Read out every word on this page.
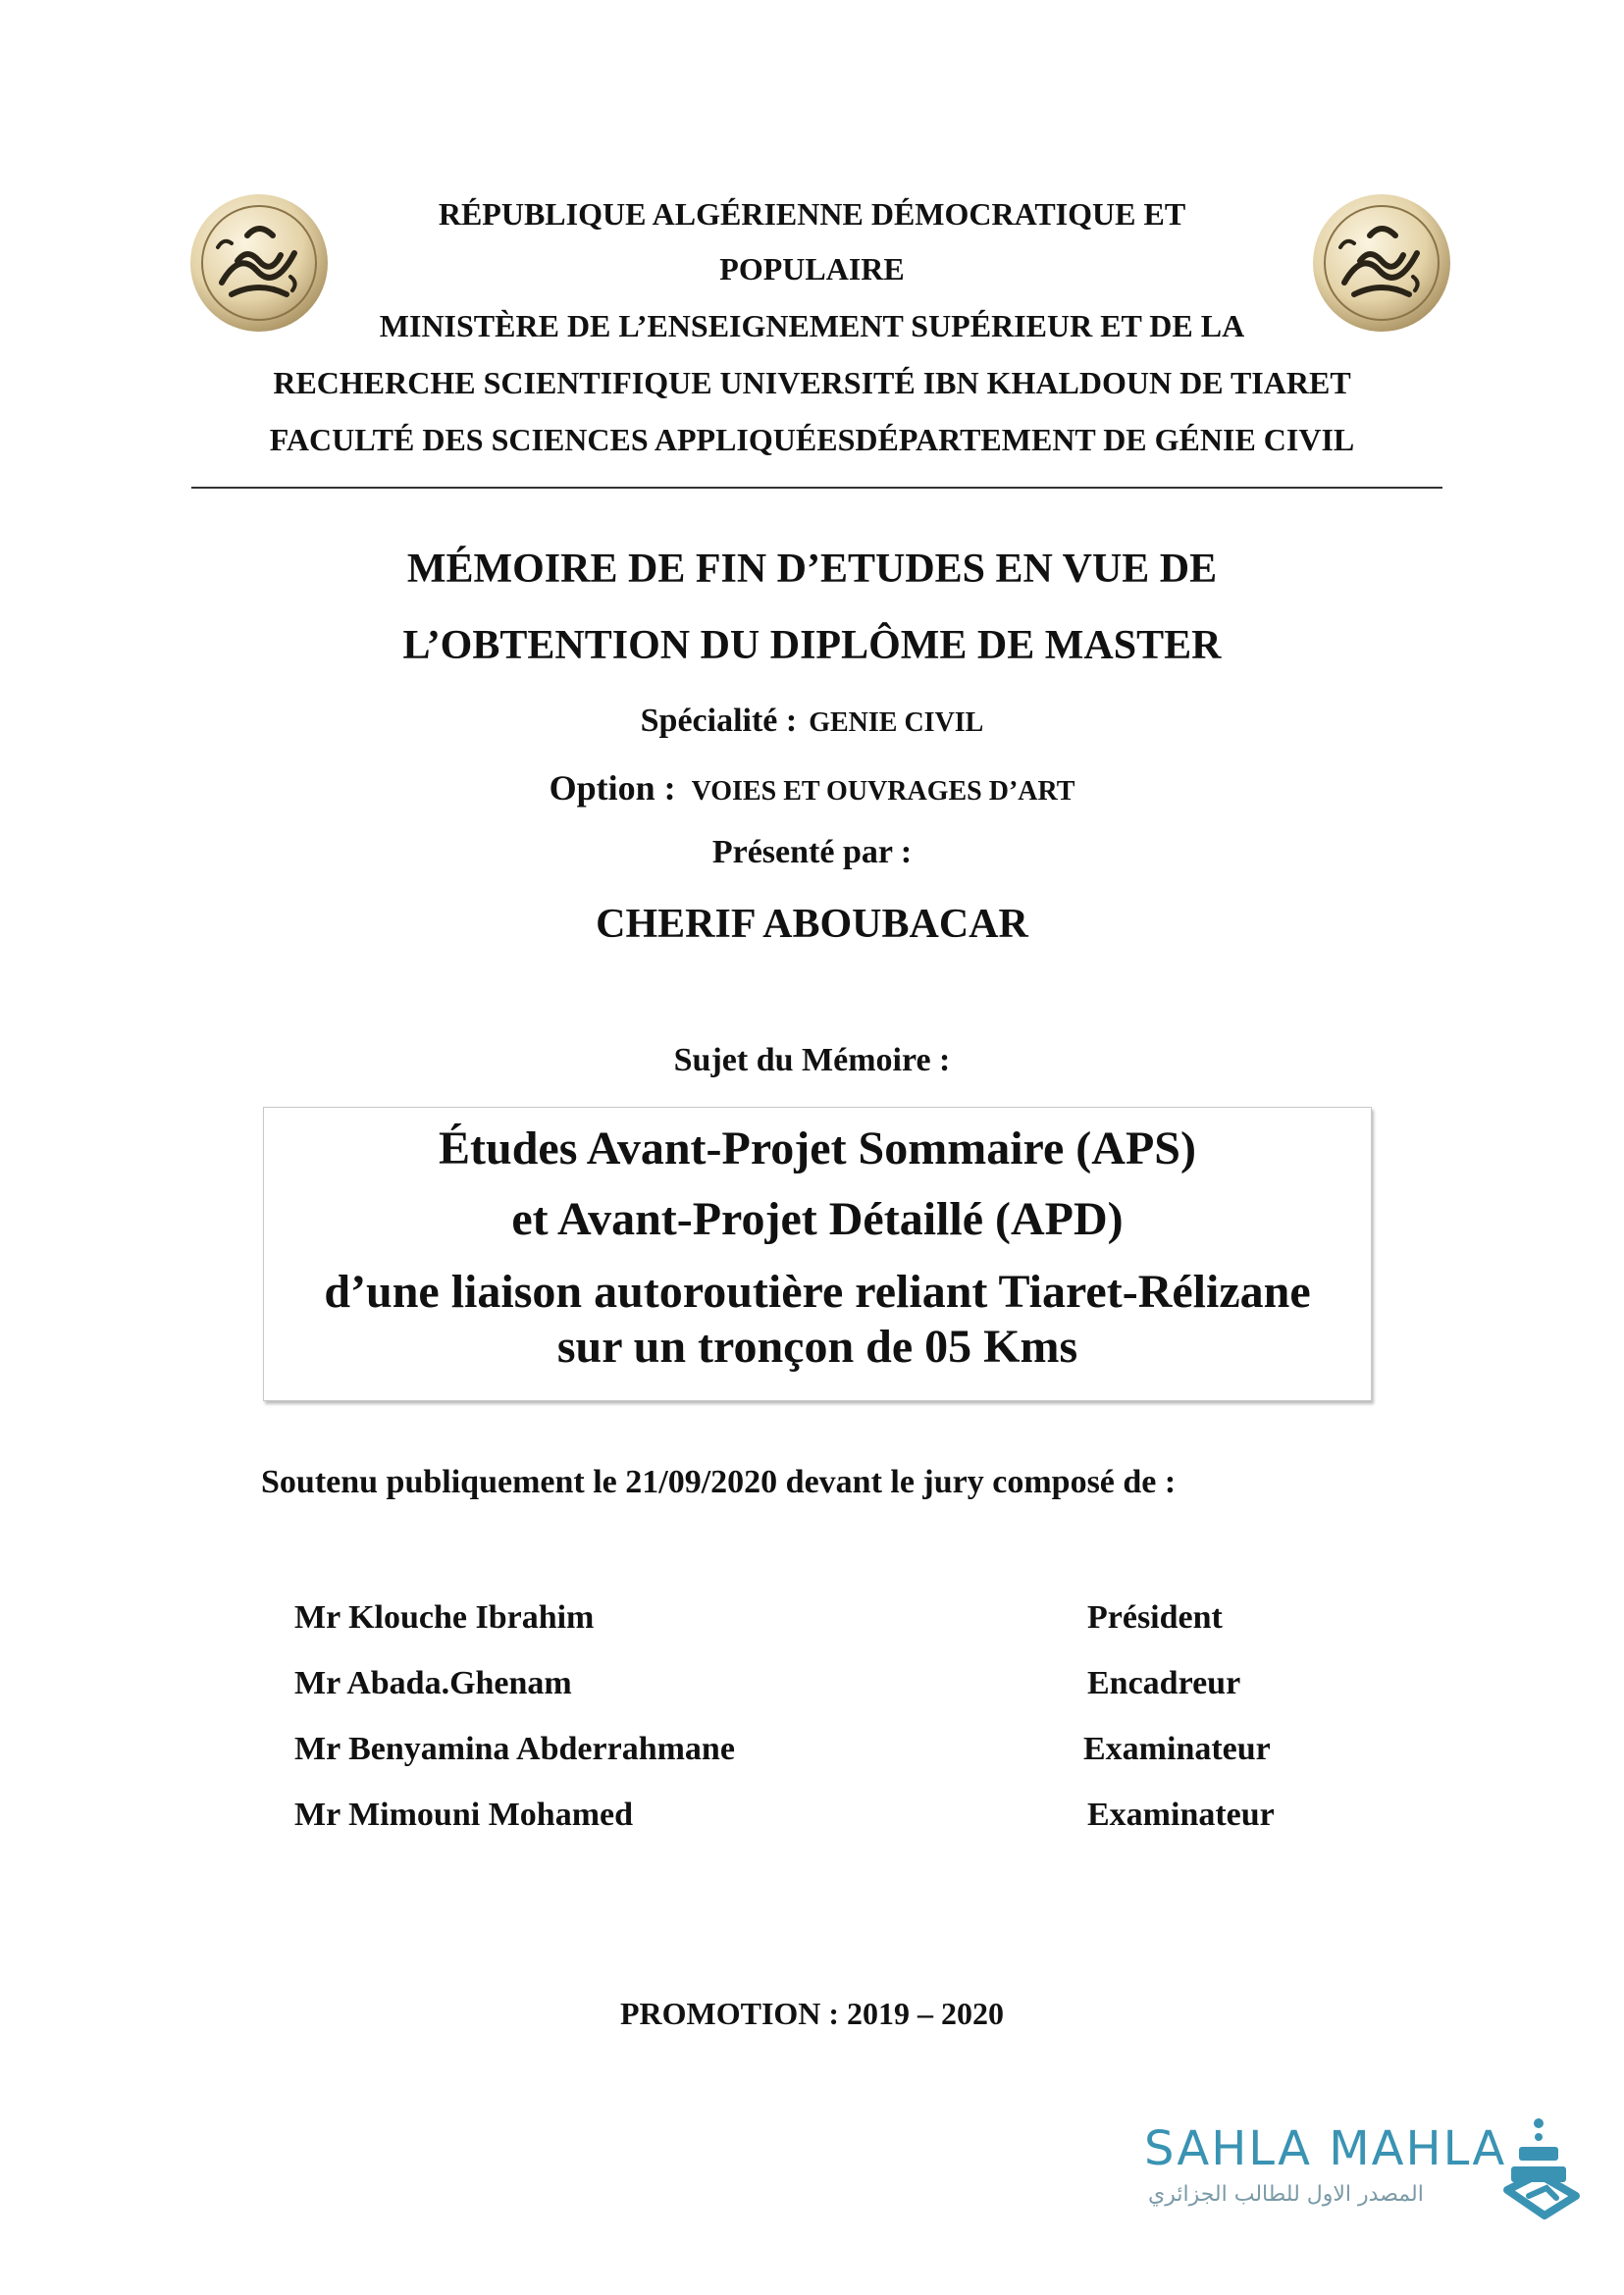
RÉPUBLIQUE ALGÉRIENNE DÉMOCRATIQUE ET
POPULAIRE
MINISTÈRE DE L’ENSEIGNEMENT SUPÉRIEUR ET DE LA
RECHERCHE SCIENTIFIQUE UNIVERSITÉ IBN KHALDOUN DE TIARET
FACULTÉ DES SCIENCES APPLIQUÉESDÉPARTEMENT DE GÉNIE CIVIL
MÉMOIRE DE FIN D’ETUDES EN VUE DE
L’OBTENTION DU DIPLÔME DE MASTER
Spécialité : GENIE CIVIL
Option : VOIES ET OUVRAGES D’ART
Présenté par :
CHERIF ABOUBACAR
Sujet du Mémoire :
Études Avant-Projet Sommaire (APS)
et Avant-Projet Détaillé (APD)
d’une liaison autoroutière reliant Tiaret-Rélizane
sur un tronçon de 05 Kms
Soutenu publiquement le 21/09/2020 devant le jury composé de :
Mr Klouche Ibrahim	Président
Mr Abada.Ghenam	Encadreur
Mr Benyamina Abderrahmane	Examinateur
Mr Mimouni Mohamed	Examinateur
PROMOTION : 2019 – 2020
SAHLA MAHLA
المصدر الاول للطالب الجزائري
